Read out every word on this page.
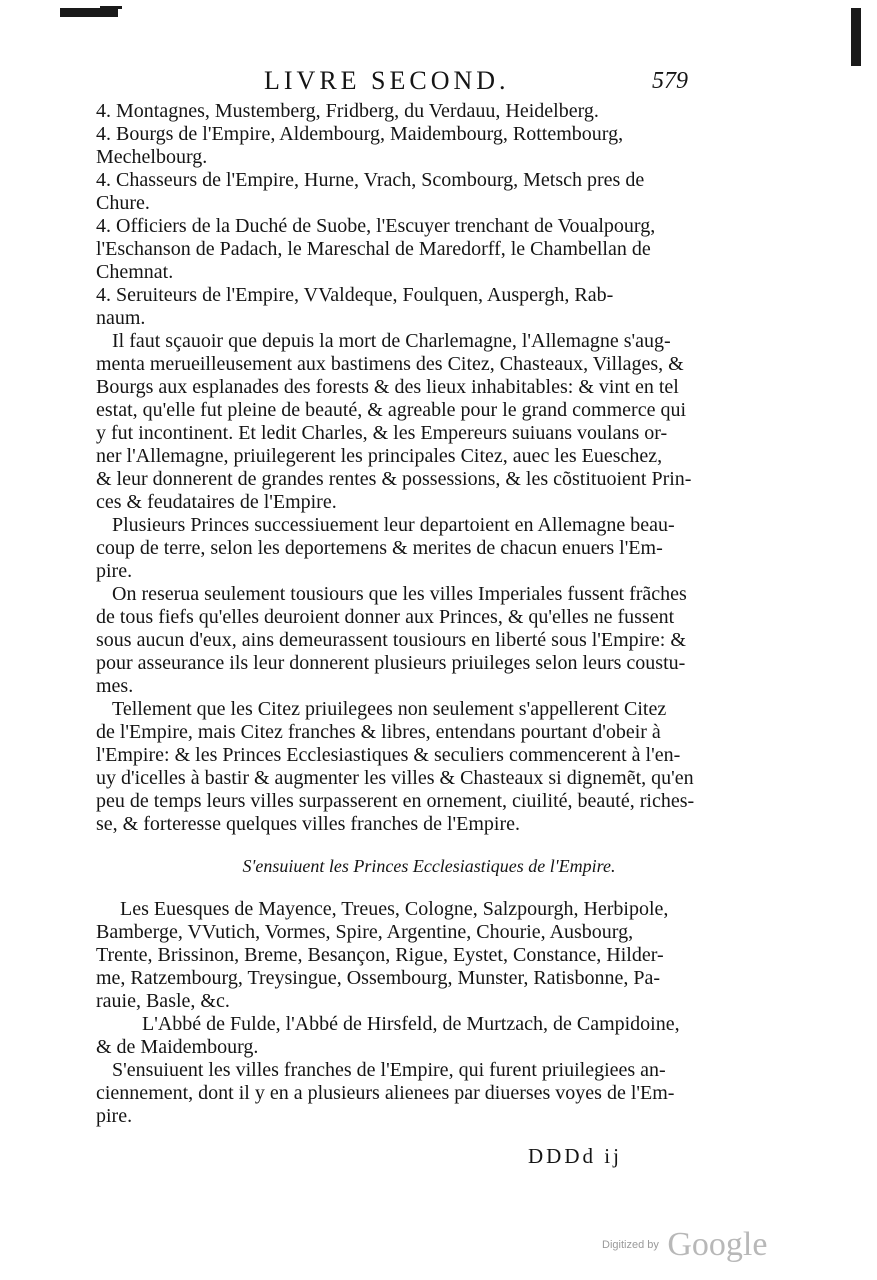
LIVRE SECOND.	579
4. Montagnes, Mustemberg, Fridberg, du Verdauu, Heidelberg.
4. Bourgs de l'Empire, Aldembourg, Maidembourg, Rottembourg,
Mechelbourg.
4. Chasseurs de l'Empire, Hurne, Vrach, Scombourg, Metsch pres de
Chure.
4. Officiers de la Duché de Suobe, l'Escuyer trenchant de Voualpourg,
l'Eschanson de Padach, le Mareschal de Maredorff, le Chambellan de
Chemnat.
4. Seruiteurs de l'Empire, VValdeque, Foulquen, Auspergh, Rab-
naum.
Il faut sçauoir que depuis la mort de Charlemagne, l'Allemagne s'aug-
menta merueilleusement aux bastimens des Citez, Chasteaux, Villages, &
Bourgs aux esplanades des forests & des lieux inhabitables: & vint en tel
estat, qu'elle fut pleine de beauté, & agreable pour le grand commerce qui
y fut incontinent. Et ledit Charles, & les Empereurs suiuans voulans or-
ner l'Allemagne, priuilegerent les principales Citez, auec les Eueschez,
& leur donnerent de grandes rentes & possessions, & les cõstituoient Prin-
ces & feudataires de l'Empire.
Plusieurs Princes successiuement leur departoient en Allemagne beau-
coup de terre, selon les deportemens & merites de chacun enuers l'Em-
pire.
On reserua seulement tousiours que les villes Imperiales fussent frãches
de tous fiefs qu'elles deuroient donner aux Princes, & qu'elles ne fussent
sous aucun d'eux, ains demeurassent tousiours en liberté sous l'Empire: &
pour asseurance ils leur donnerent plusieurs priuileges selon leurs coustu-
mes.
Tellement que les Citez priuilegees non seulement s'appellerent Citez
de l'Empire, mais Citez franches & libres, entendans pourtant d'obeir à
l'Empire: & les Princes Ecclesiastiques & seculiers commencerent à l'en-
uy d'icelles à bastir & augmenter les villes & Chasteaux si dignemẽt, qu'en
peu de temps leurs villes surpasserent en ornement, ciuilité, beauté, riches-
se, & forteresse quelques villes franches de l'Empire.
S'ensuiuent les Princes Ecclesiastiques de l'Empire.
Les Euesques de Mayence, Treues, Cologne, Salzpourgh, Herbipole,
Bamberge, VVutich, Vormes, Spire, Argentine, Chourie, Ausbourg,
Trente, Brissinon, Breme, Besançon, Rigue, Eystet, Constance, Hilder-
me, Ratzembourg, Treysingue, Ossembourg, Munster, Ratisbonne, Pa-
rauie, Basle, &c.
L'Abbé de Fulde, l'Abbé de Hirsfeld, de Murtzach, de Campidoine,
& de Maidembourg.
S'ensuiuent les villes franches de l'Empire, qui furent priuilegiees an-
ciennement, dont il y en a plusieurs alienees par diuerses voyes de l'Em-
pire.
DDDd ij
Digitized by Google
